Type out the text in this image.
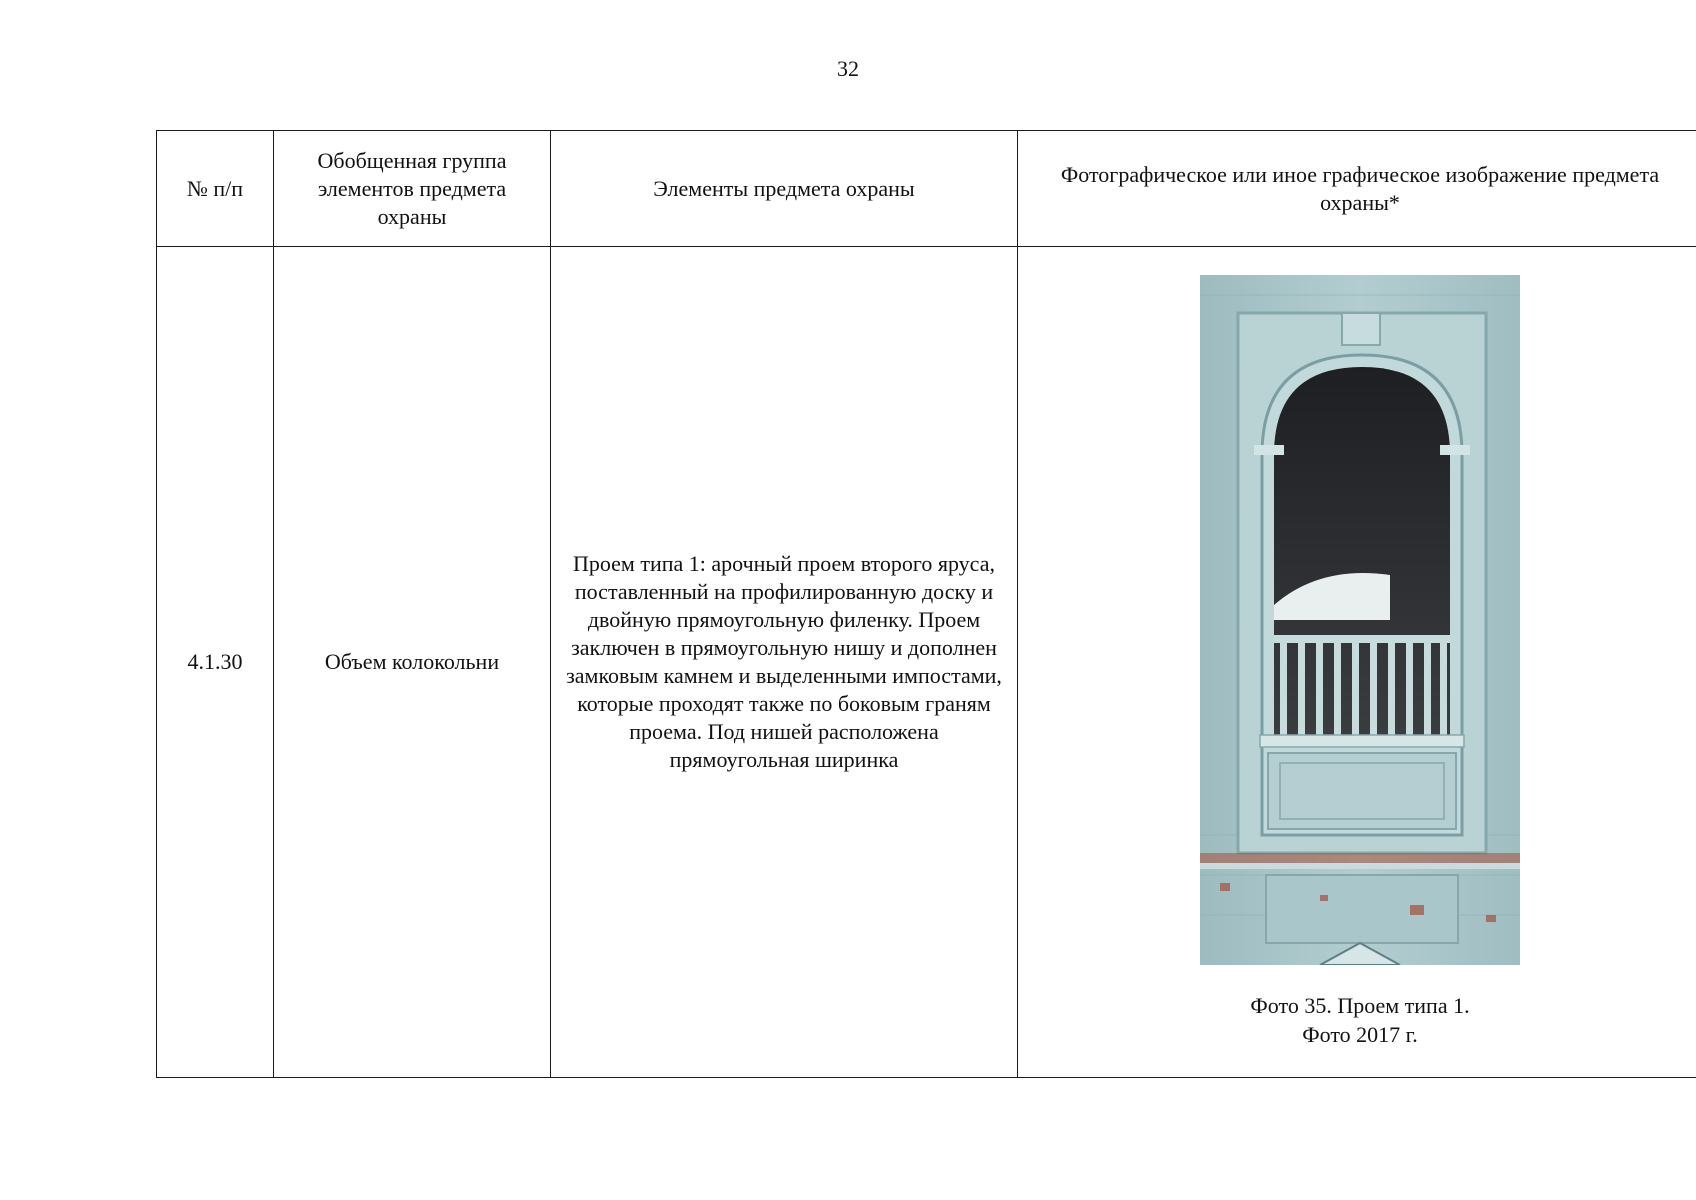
32
№ п/п	Обобщенная группа элементов предмета охраны	Элементы предмета охраны	Фотографическое или иное графическое изображение предмета охраны*
4.1.30	Объем колокольни	Проем типа 1: арочный проем второго яруса, поставленный на профилированную доску и двойную прямоугольную филенку. Проем заключен в прямоугольную нишу и дополнен замковым камнем и выделенными импостами, которые проходят также по боковым граням проема. Под нишей расположена прямоугольная ширинка	Фото 35. Проем типа 1.
Фото 2017 г.
